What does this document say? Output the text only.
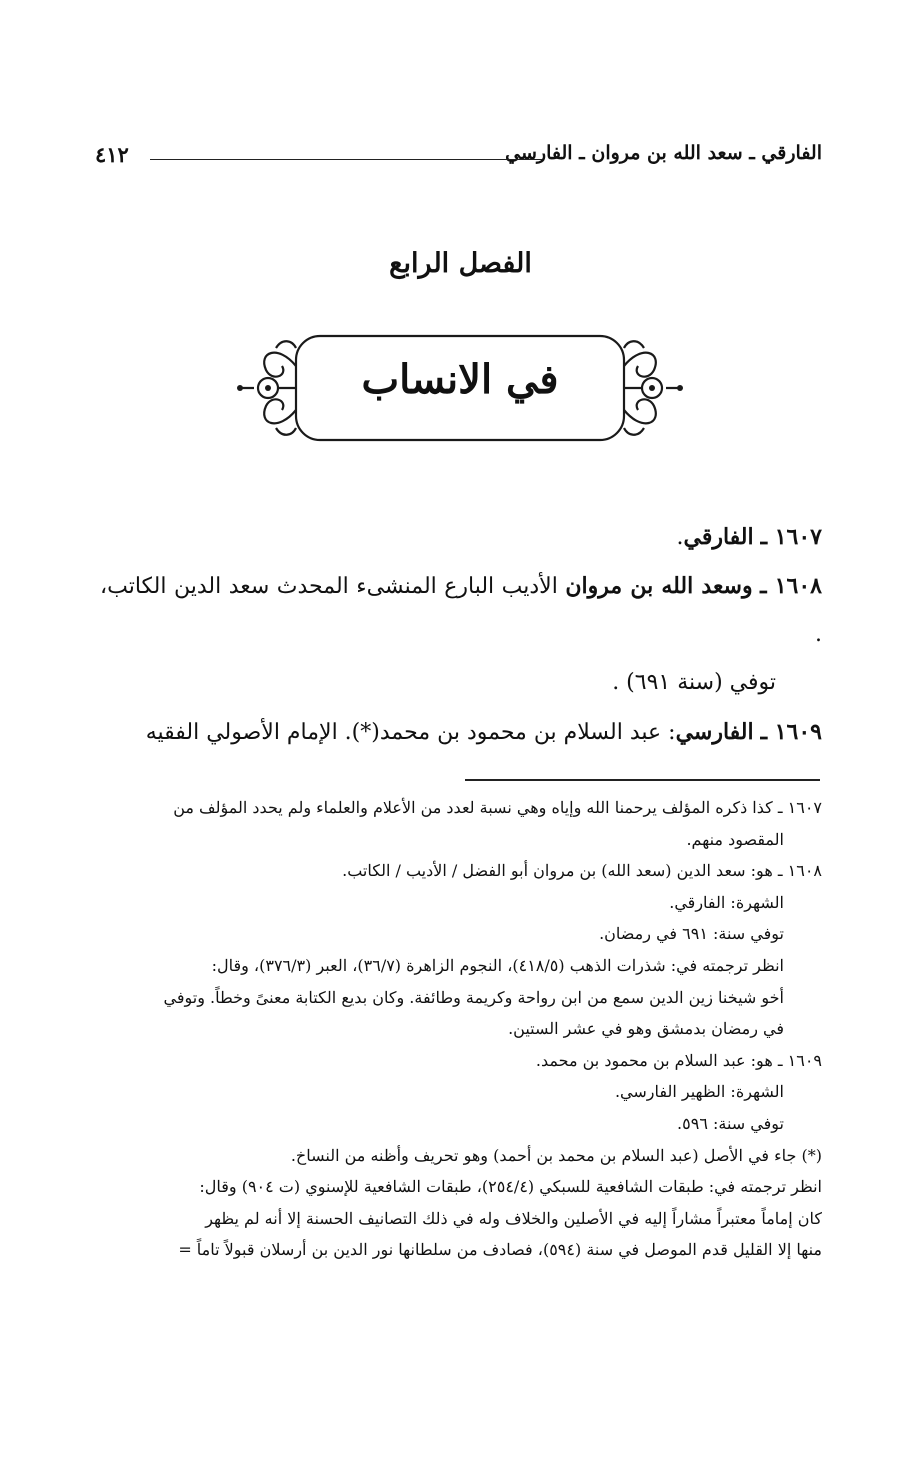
الفارقي ـ سعد الله بن مروان ـ الفارسي
٤١٢
الفصل الرابع
في الانساب
١٦٠٧ ـ الفارقي.
١٦٠٨ ـ وسعد الله بن مروان الأديب البارع المنشىء المحدث سعد الدين الكاتب، .
توفي (سنة ٦٩١) .
١٦٠٩ ـ الفارسي: عبد السلام بن محمود بن محمد(*). الإمام الأصولي الفقيه

١٦٠٧ ـ كذا ذكره المؤلف يرحمنا الله وإياه وهي نسبة لعدد من الأعلام والعلماء ولم يحدد المؤلف من

المقصود منهم.

١٦٠٨ ـ هو: سعد الدين (سعد الله) بن مروان أبو الفضل / الأديب / الكاتب.

الشهرة: الفارقي.

توفي سنة: ٦٩١ في رمضان.

انظر ترجمته في: شذرات الذهب (٤١٨/٥)، النجوم الزاهرة (٣٦/٧)، العبر (٣٧٦/٣)، وقال:

أخو شيخنا زين الدين سمع من ابن رواحة وكريمة وطائفة. وكان بديع الكتابة معنىً وخطاً. وتوفي

في رمضان بدمشق وهو في عشر الستين.

١٦٠٩ ـ هو: عبد السلام بن محمود بن محمد.

الشهرة: الظهير الفارسي.

توفي سنة: ٥٩٦.

(*) جاء في الأصل (عبد السلام بن محمد بن أحمد) وهو تحريف وأظنه من النساخ.

انظر ترجمته في: طبقات الشافعية للسبكي (٢٥٤/٤)، طبقات الشافعية للإسنوي (ت ٩٠٤) وقال:

كان إماماً معتبراً مشاراً إليه في الأصلين والخلاف وله في ذلك التصانيف الحسنة إلا أنه لم يظهر

منها إلا القليل قدم الموصل في سنة (٥٩٤)، فصادف من سلطانها نور الدين بن أرسلان قبولاً تاماً =
